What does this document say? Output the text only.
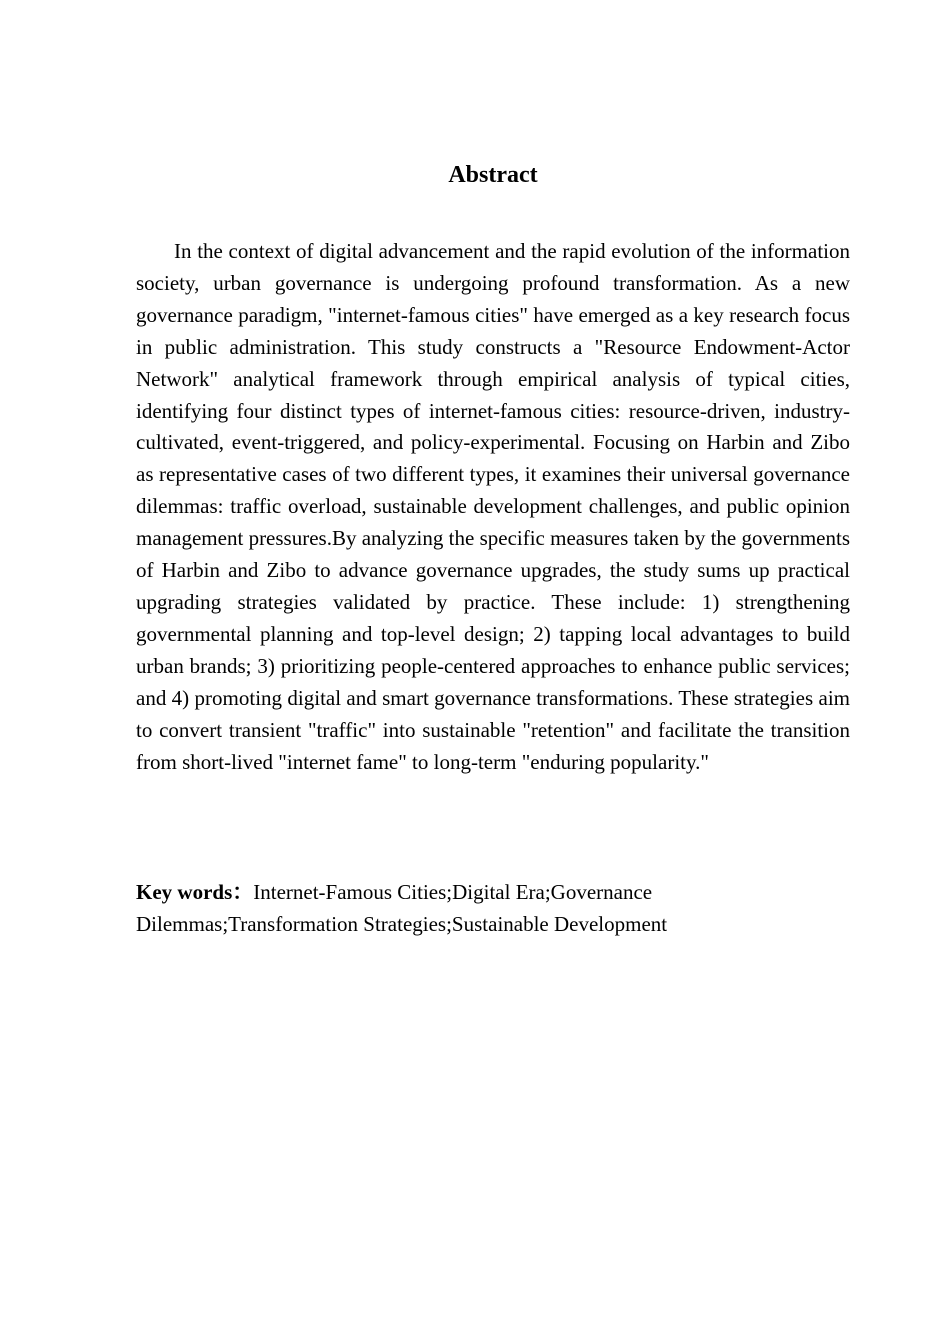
Abstract

In the context of digital advancement and the rapid evolution of the information society, urban governance is undergoing profound transformation. As a new governance paradigm, "internet-famous cities" have emerged as a key research focus in public administration. This study constructs a "Resource Endowment-Actor Network" analytical framework through empirical analysis of typical cities, identifying four distinct types of internet-famous cities: resource-driven, industry-cultivated, event-triggered, and policy-experimental. Focusing on Harbin and Zibo as representative cases of two different types, it examines their universal governance dilemmas: traffic overload, sustainable development challenges, and public opinion management pressures.By analyzing the specific measures taken by the governments of Harbin and Zibo to advance governance upgrades, the study sums up practical upgrading strategies validated by practice. These include: 1) strengthening governmental planning and top-level design; 2) tapping local advantages to build urban brands; 3) prioritizing people-centered approaches to enhance public services; and 4) promoting digital and smart governance transformations. These strategies aim to convert transient "traffic" into sustainable "retention" and facilitate the transition from short-lived "internet fame" to long-term "enduring popularity."

Key words：Internet-Famous Cities;Digital Era;Governance Dilemmas;Transformation Strategies;Sustainable Development
